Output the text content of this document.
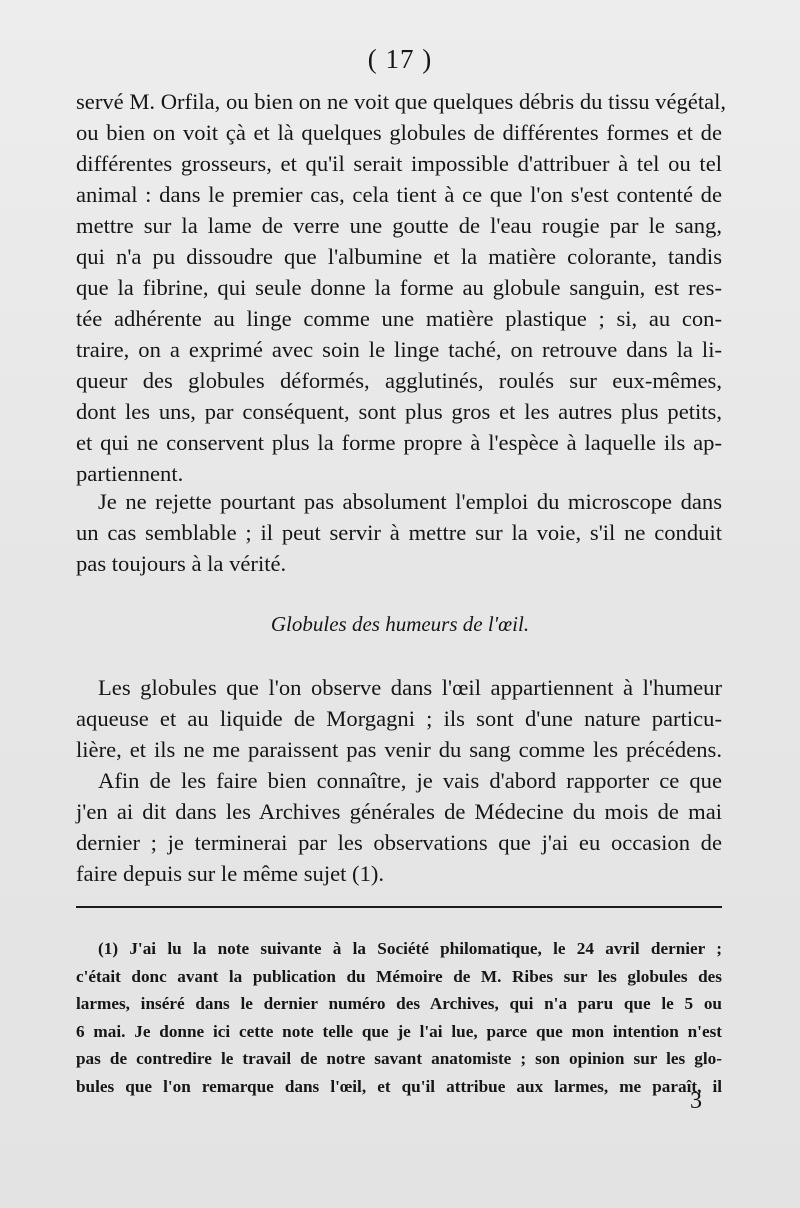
( 17 )
servé M. Orfila, ou bien on ne voit que quelques débris du tissu végétal,
ou bien on voit çà et là quelques globules de différentes formes et de
différentes grosseurs, et qu'il serait impossible d'attribuer à tel ou tel
animal : dans le premier cas, cela tient à ce que l'on s'est contenté de
mettre sur la lame de verre une goutte de l'eau rougie par le sang,
qui n'a pu dissoudre que l'albumine et la matière colorante, tandis
que la fibrine, qui seule donne la forme au globule sanguin, est res-
tée adhérente au linge comme une matière plastique ; si, au con-
traire, on a exprimé avec soin le linge taché, on retrouve dans la li-
queur des globules déformés, agglutinés, roulés sur eux-mêmes,
dont les uns, par conséquent, sont plus gros et les autres plus petits,
et qui ne conservent plus la forme propre à l'espèce à laquelle ils ap-
partiennent.
Je ne rejette pourtant pas absolument l'emploi du microscope dans
un cas semblable ; il peut servir à mettre sur la voie, s'il ne conduit
pas toujours à la vérité.
Globules des humeurs de l'œil.
Les globules que l'on observe dans l'œil appartiennent à l'humeur
aqueuse et au liquide de Morgagni ; ils sont d'une nature particu-
lière, et ils ne me paraissent pas venir du sang comme les précédens.
Afin de les faire bien connaître, je vais d'abord rapporter ce que
j'en ai dit dans les Archives générales de Médecine du mois de mai
dernier ; je terminerai par les observations que j'ai eu occasion de
faire depuis sur le même sujet (1).
(1) J'ai lu la note suivante à la Société philomatique, le 24 avril dernier ;
c'était donc avant la publication du Mémoire de M. Ribes sur les globules des
larmes, inséré dans le dernier numéro des Archives, qui n'a paru que le 5 ou
6 mai. Je donne ici cette note telle que je l'ai lue, parce que mon intention n'est
pas de contredire le travail de notre savant anatomiste ; son opinion sur les glo-
bules que l'on remarque dans l'œil, et qu'il attribue aux larmes, me paraît, il
3
